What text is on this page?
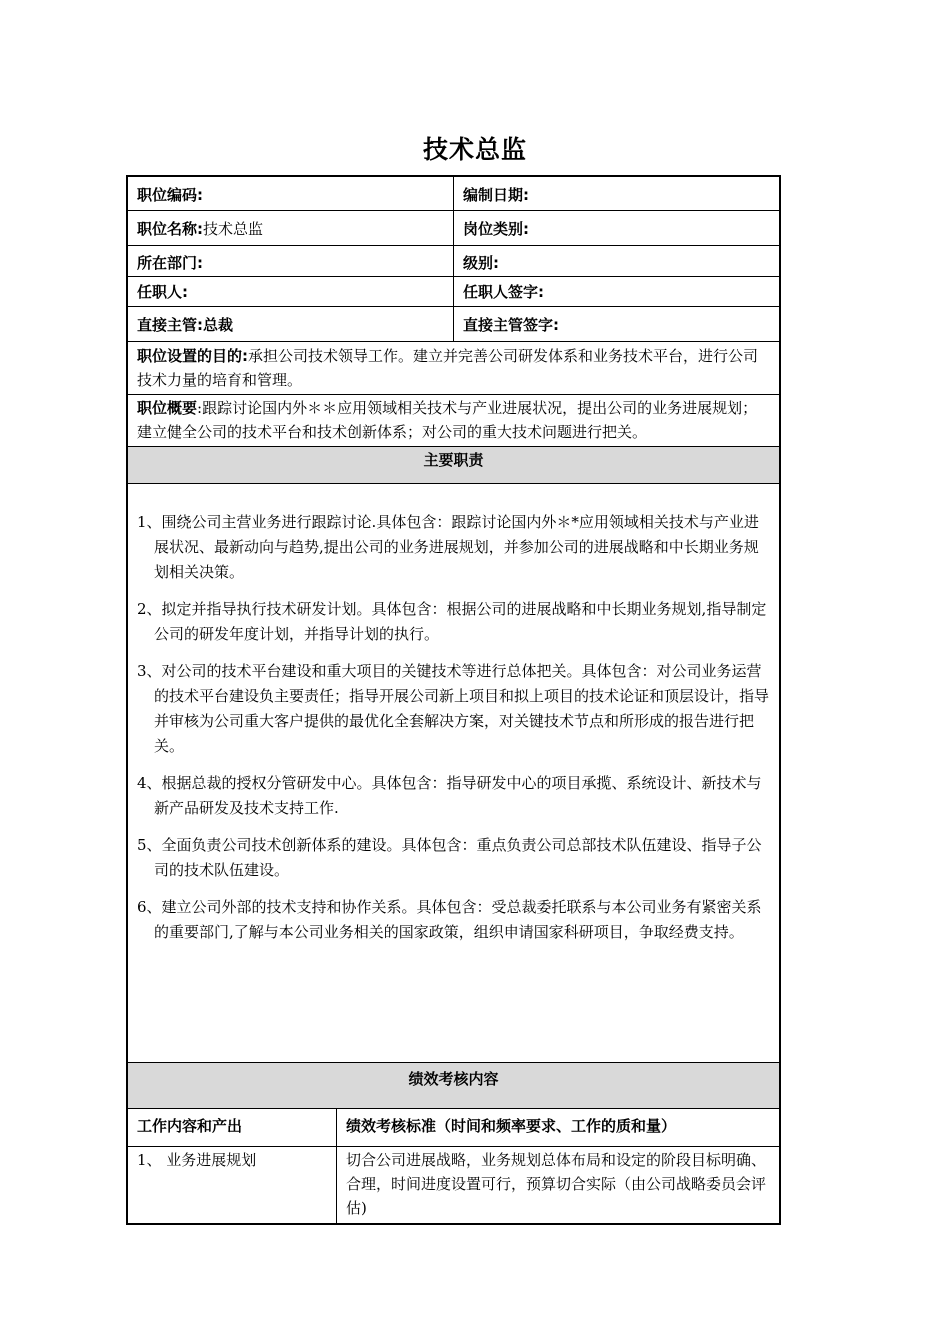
技术总监
职位编码:	编制日期:
职位名称:技术总监	岗位类别:
所在部门:	级别:
任职人:	任职人签字:
直接主管:总裁	直接主管签字:
职位设置的目的:承担公司技术领导工作。建立并完善公司研发体系和业务技术平台，进行公司技术力量的培育和管理。
职位概要:跟踪讨论国内外＊＊应用领域相关技术与产业进展状况，提出公司的业务进展规划；建立健全公司的技术平台和技术创新体系；对公司的重大技术问题进行把关。
主要职责

1、围绕公司主营业务进行跟踪讨论.具体包含：跟踪讨论国内外＊*应用领域相关技术与产业进展状况、最新动向与趋势,提出公司的业务进展规划，并参加公司的进展战略和中长期业务规划相关决策。

2、拟定并指导执行技术研发计划。具体包含：根据公司的进展战略和中长期业务规划,指导制定公司的研发年度计划，并指导计划的执行。

3、对公司的技术平台建设和重大项目的关键技术等进行总体把关。具体包含：对公司业务运营的技术平台建设负主要责任；指导开展公司新上项目和拟上项目的技术论证和顶层设计，指导并审核为公司重大客户提供的最优化全套解决方案，对关键技术节点和所形成的报告进行把关。

4、根据总裁的授权分管研发中心。具体包含：指导研发中心的项目承揽、系统设计、新技术与新产品研发及技术支持工作.

5、全面负责公司技术创新体系的建设。具体包含：重点负责公司总部技术队伍建设、指导子公司的技术队伍建设。

6、建立公司外部的技术支持和协作关系。具体包含：受总裁委托联系与本公司业务有紧密关系的重要部门,了解与本公司业务相关的国家政策，组织申请国家科研项目，争取经费支持。

绩效考核内容
工作内容和产出	绩效考核标准（时间和频率要求、工作的质和量）
1、 业务进展规划	切合公司进展战略，业务规划总体布局和设定的阶段目标明确、合理，时间进度设置可行，预算切合实际（由公司战略委员会评估)
